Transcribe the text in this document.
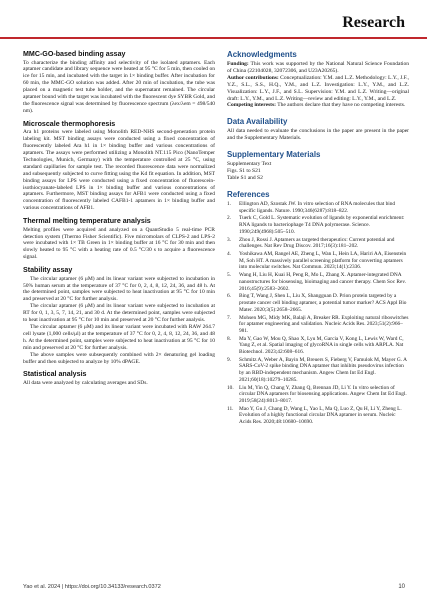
Research
MMC-GO-based binding assay

To characterize the binding affinity and selectivity of the isolated aptamers. Each aptamer candidate and library sequence were heated at 95 °C for 5 min, then cooled on ice for 15 min, and incubated with the target in 1× binding buffer. After incubation for 60 min, the MMC-GO solution was added. After 20 min of incubation, the tube was placed on a magnetic test tube holder, and the supernatant remained. The circular aptamer bound with the target was incubated with the fluorescent dye SYBR Gold, and the fluorescence signal was determined by fluorescence spectrum (λex/λem = 498/540 nm).

Microscale thermophoresis

Ara h1 proteins were labeled using Monolith RED-NHS second-generation protein labeling kit. MST binding assays were conducted using a fixed concentration of fluorescently labeled Ara h1 in 1× binding buffer and various concentrations of aptamers. The assays were performed utilizing a Monolith NT.115 Pico (NanoTemper Technologies, Munich, Germany) with the temperature controlled at 25 °C, using standard capillaries for sample test. The recorded fluorescence data were normalized and subsequently subjected to curve fitting using the Kd fit equation. In addition, MST binding assays for LPS were conducted using a fixed concentration of fluorescein-isothiocyanate-labeled LPS in 1× binding buffer and various concentrations of aptamers. Furthermore, MST binding assays for AFB1 were conducted using a fixed concentration of fluorescently labeled CAFB1-1 aptamers in 1× binding buffer and various concentrations of AFB1.

Thermal melting temperature analysis

Melting profiles were acquired and analyzed on a QuantStudio 5 real-time PCR detection system (Thermo Fisher Scientific). Five micromolars of CLPS-2 and LPS-2 were incubated with 1× TB Green in 1× binding buffer at 16 °C for 30 min and then slowly heated to 95 °C with a heating rate of 0.5 °C/30 s to acquire a fluorescence signal.

Stability assay

The circular aptamer (6 μM) and its linear variant were subjected to incubation in 50% human serum at the temperature of 37 °C for 0, 2, 4, 8, 12, 24, 36, and 48 h. At the determined point, samples were subjected to heat inactivation at 95 °C for 10 min and preserved at 20 °C for further analysis.

The circular aptamer (6 μM) and its linear variant were subjected to incubation at RT for 0, 1, 3, 5, 7, 14, 21, and 30 d. At the determined point, samples were subjected to heat inactivation at 95 °C for 10 min and preserved at 20 °C for further analysis.

The circular aptamer (6 μM) and its linear variant were incubated with RAW 264.7 cell lysate (1,000 cells/μl) at the temperature of 37 °C for 0, 2, 4, 8, 12, 24, 36, and 48 h. At the determined point, samples were subjected to heat inactivation at 95 °C for 10 min and preserved at 20 °C for further analysis.

The above samples were subsequently combined with 2× denaturing gel loading buffer and then subjected to analyze by 10% dPAGE.

Statistical analysis

All data were analyzed by calculating averages and SDs.

Acknowledgments

Funding: This work was supported by the National Natural Science Foundation of China (22104028, 32072306, and U23A20265).

Author contributions: Conceptualization: Y.M. and L.Z. Methodology: L.Y., J.F., Y.Z., S.L., S.S., H.Q., Y.M., and L.Z. Investigation: L.Y., Y.M., and L.Z. Visualization: L.Y., J.F., and S.L. Supervision: Y.M. and L.Z. Writing—original draft: L.Y., Y.M., and L.Z. Writing—review and editing: L.Y., Y.M., and L.Z.

Competing interests: The authors declare that they have no competing interests.

Data Availability

All data needed to evaluate the conclusions in the paper are present in the paper and the Supplementary Materials.

Supplementary Materials

Supplementary Text

Figs. S1 to S21

Table S1 and S2

References
1. Ellington AD, Szostak JW. In vitro selection of RNA molecules that bind specific ligands. Nature. 1990;346(6287):818–822.
2. Tuerk C, Gold L. Systematic evolution of ligands by exponential enrichment: RNA ligands to bacteriophage T4 DNA polymerase. Science. 1990;249(4968):505–510.
3. Zhou J, Rossi J. Aptamers as targeted therapeutics: Current potential and challenges. Nat Rev Drug Discov. 2017;16(3):181–202.
4. Yoshikawa AM, Rangel AE, Zheng L, Wan L, Hein LA, Hariri AA, Eisenstein M, Soh HT. A massively parallel screening platform for converting aptamers into molecular switches. Nat Commun. 2023;14(1):2336.
5. Wang H, Liu H, Kuai H, Peng R, Mo L, Zhang X. Aptamer-integrated DNA nanostructures for biosensing, bioimaging and cancer therapy. Chem Soc Rev. 2016;45(9):2583–2602.
6. Bing T, Wang J, Shen L, Liu X, Shangguan D. Prion protein targeted by a prostate cancer cell binding aptamer, a potential tumor marker? ACS Appl Bio Mater. 2020;3(5):2658–2665.
7. Mohsen MG, Midy MK, Balaji A, Breaker RR. Exploiting natural riboswitches for aptamer engineering and validation. Nucleic Acids Res. 2023;51(2):966–981.
8. Ma Y, Gao W, Mou Q, Shao X, Lyu M, Garcia V, Kong L, Lewis W, Ward C, Yang Z, et al. Spatial imaging of glycoRNA in single cells with ARPLA. Nat Biotechnol. 2023;42:608–616.
9. Schmitz A, Weber A, Bayin M, Breuers S, Fieberg V, Famulok M, Mayer G. A SARS-CoV-2 spike binding DNA aptamer that inhibits pseudovirus infection by an RBD-independent mechanism. Angew Chem Int Ed Engl. 2021;60(18):10279–10285.
10. Liu M, Yin Q, Chang Y, Zhang Q, Brennan JD, Li Y. In vitro selection of circular DNA aptamers for biosensing applications. Angew Chem Int Ed Engl. 2019;58(24):8013–8017.
11. Mao Y, Gu J, Chang D, Wang L, Yao L, Ma Q, Luo Z, Qu H, Li Y, Zheng L. Evolution of a highly functional circular DNA aptamer in serum. Nucleic Acids Res. 2020;48:10680–10690.
Yao et al. 2024 | https://doi.org/10.34133/research.0372	10
